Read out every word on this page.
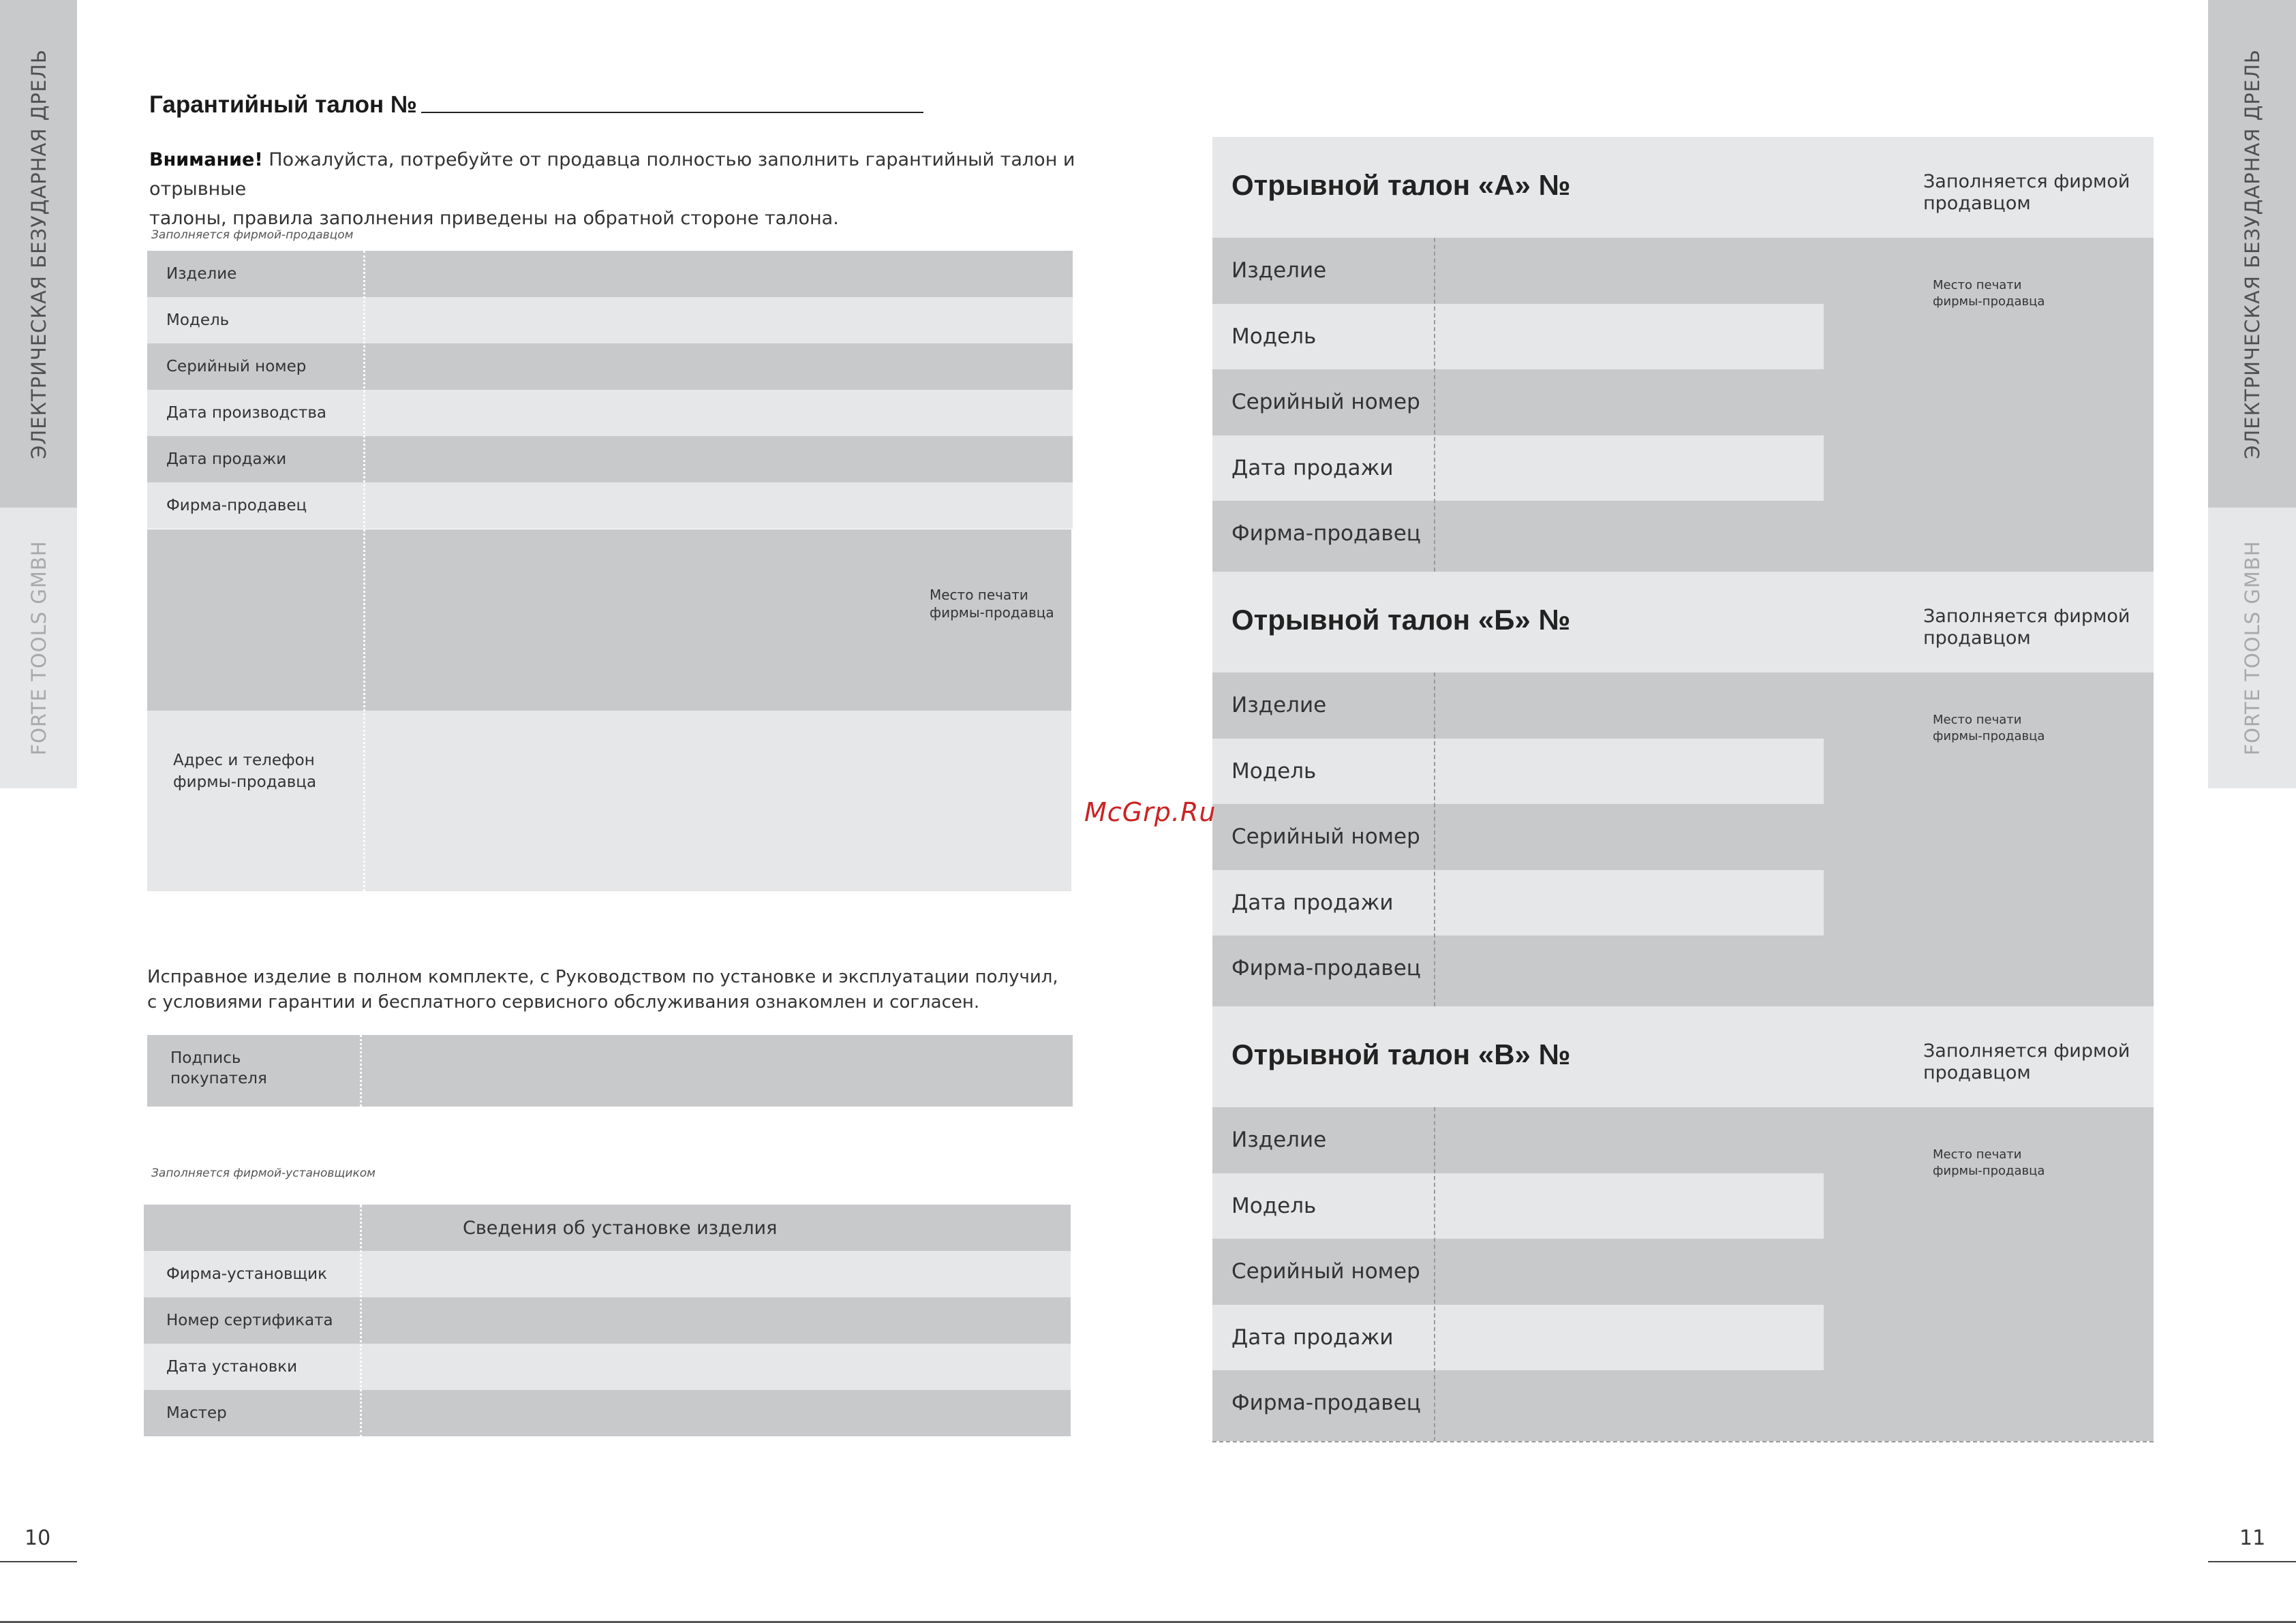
ЭЛЕКТРИЧЕСКАЯ БЕЗУДАРНАЯ ДРЕЛЬ
FORTE TOOLS GMBH
ЭЛЕКТРИЧЕСКАЯ БЕЗУДАРНАЯ ДРЕЛЬ
FORTE TOOLS GMBH
10	11
Гарантийный талон №
Внимание! Пожалуйста, потребуйте от продавца полностью заполнить гарантийный талон и отрывные
талоны, правила заполнения приведены на обратной стороне талона.
Заполняется фирмой-продавцом
Изделие
Модель
Серийный номер
Дата производства
Дата продажи
Фирма-продавец
Место печати
фирмы-продавца
Адрес и телефон
фирмы-продавца
Исправное изделие в полном комплекте, с Руководством по установке и эксплуатации получил,
с условиями гарантии и бесплатного сервисного обслуживания ознакомлен и согласен.
Подпись
покупателя
Заполняется фирмой-установщиком
Сведения об установке изделия
Фирма-установщик
Номер сертификата
Дата установки
Мастер
Отрывной талон «А» №	Заполняется фирмой
продавцом
Изделие
Модель
Серийный номер
Дата продажи
Фирма-продавец
Место печати
фирмы-продавца
Отрывной талон «Б» №	Заполняется фирмой
продавцом
Изделие
Модель
Серийный номер
Дата продажи
Фирма-продавец
Место печати
фирмы-продавца
Отрывной талон «В» №	Заполняется фирмой
продавцом
Изделие
Модель
Серийный номер
Дата продажи
Фирма-продавец
Место печати
фирмы-продавца
McGrp.Ru
